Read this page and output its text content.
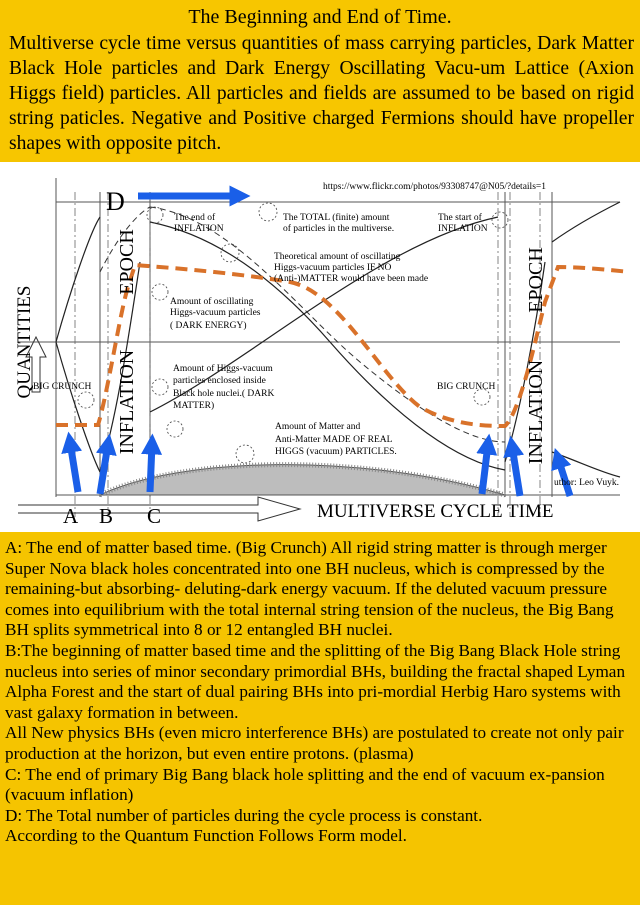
The Beginning and End of Time.
Multiverse cycle time versus quantities of mass carrying particles, Dark Matter Black Hole particles and Dark Energy Oscillating Vacu-um Lattice (Axion Higgs field) particles. All particles and fields are assumed to be based on rigid string paticles. Negative and Positive charged Fermions should have propeller shapes with opposite pitch.
https://www.flickr.com/photos/93308747@N05/?details=1
D
QUANTITIES
EPOCH
INFLATION
EPOCH
INFLATION
The end of
INFLATION
The TOTAL (finite) amount
of particles in the multiverse.
The start of
INFLATION
Theoretical amount of oscillating
Higgs-vacuum particles IF NO
(Anti-)MATTER would have been made
Amount of oscillating
Higgs-vacuum particles
( DARK ENERGY)
Amount of Higgs-vacuum
particles enclosed inside
Black hole nuclei.( DARK
MATTER)
Amount of Matter and
Anti-Matter MADE OF REAL
HIGGS (vacuum) PARTICLES.
BIG CRUNCH	BIG CRUNCH
uthor: Leo Vuyk.
A B C	MULTIVERSE CYCLE TIME

A: The end of matter based time. (Big Crunch) All rigid string matter is through merger Super Nova black holes concentrated into one BH nucleus, which is compressed by the remaining-but absorbing- deluting-dark energy vacuum. If the deluted vacuum pressure comes into equilibrium with the total internal string tension of the nucleus, the Big Bang BH splits symmetrical into 8 or 12 entangled BH nuclei.

B:The beginning of matter based time and the splitting of the Big Bang Black Hole string nucleus into series of minor secondary primordial BHs, building the fractal shaped Lyman Alpha Forest and the start of dual pairing BHs into pri-mordial Herbig Haro systems with vast galaxy formation in between.

All New physics BHs (even micro interference BHs) are postulated to create not only pair production at the horizon, but even entire protons. (plasma)

C: The end of primary Big Bang black hole splitting and the end of vacuum ex-pansion (vacuum inflation)

D: The Total number of particles during the cycle process is constant.

According to the Quantum Function Follows Form model.
